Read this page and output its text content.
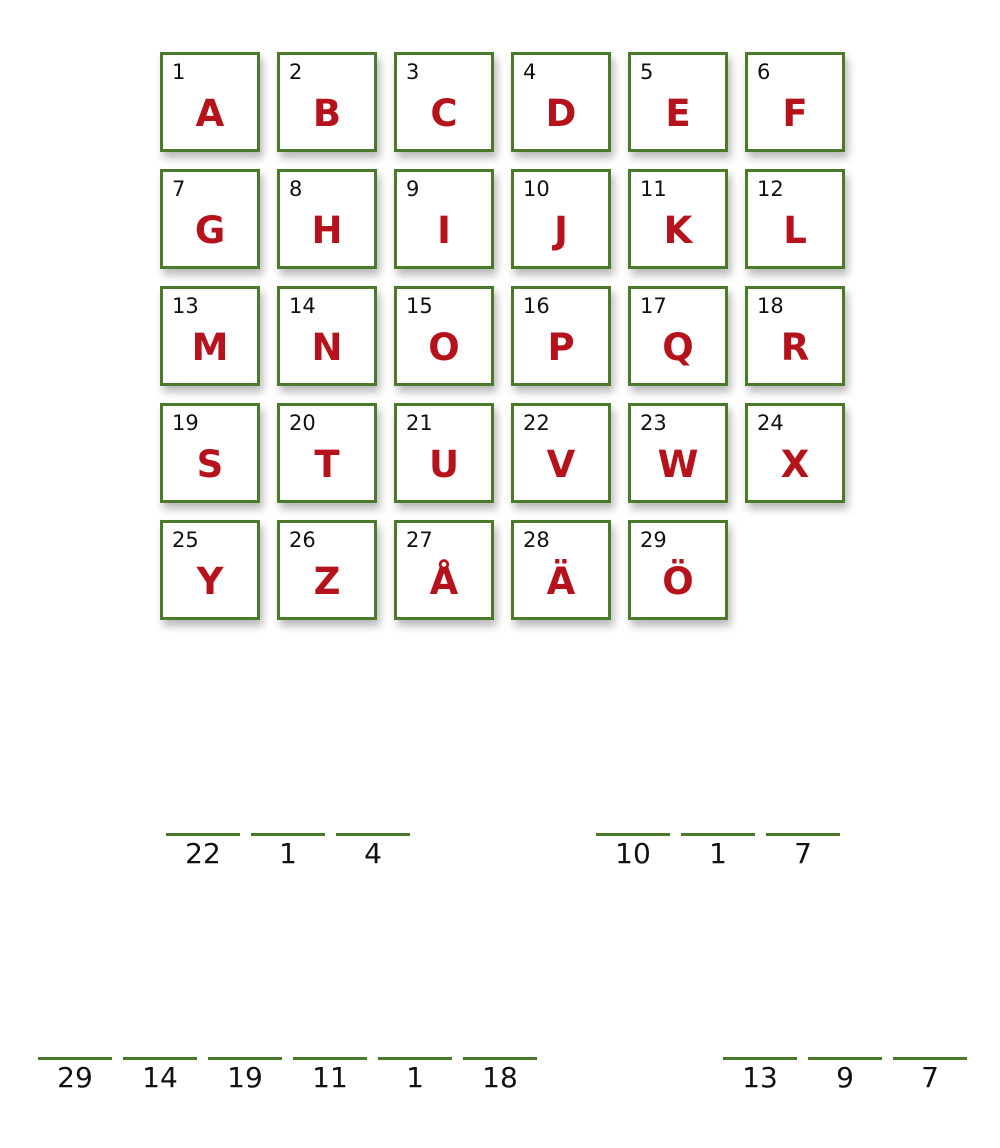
1
A
2
B
3
C
4
D
5
E
6
F
7
G
8
H
9
I
10
J
11
K
12
L
13
M
14
N
15
O
16
P
17
Q
18
R
19
S
20
T
21
U
22
V
23
W
24
X
25
Y
26
Z
27
Å
28
Ä
29
Ö
22	1	4	10	1	7
29	14	19	11	1	18	13	9	7
